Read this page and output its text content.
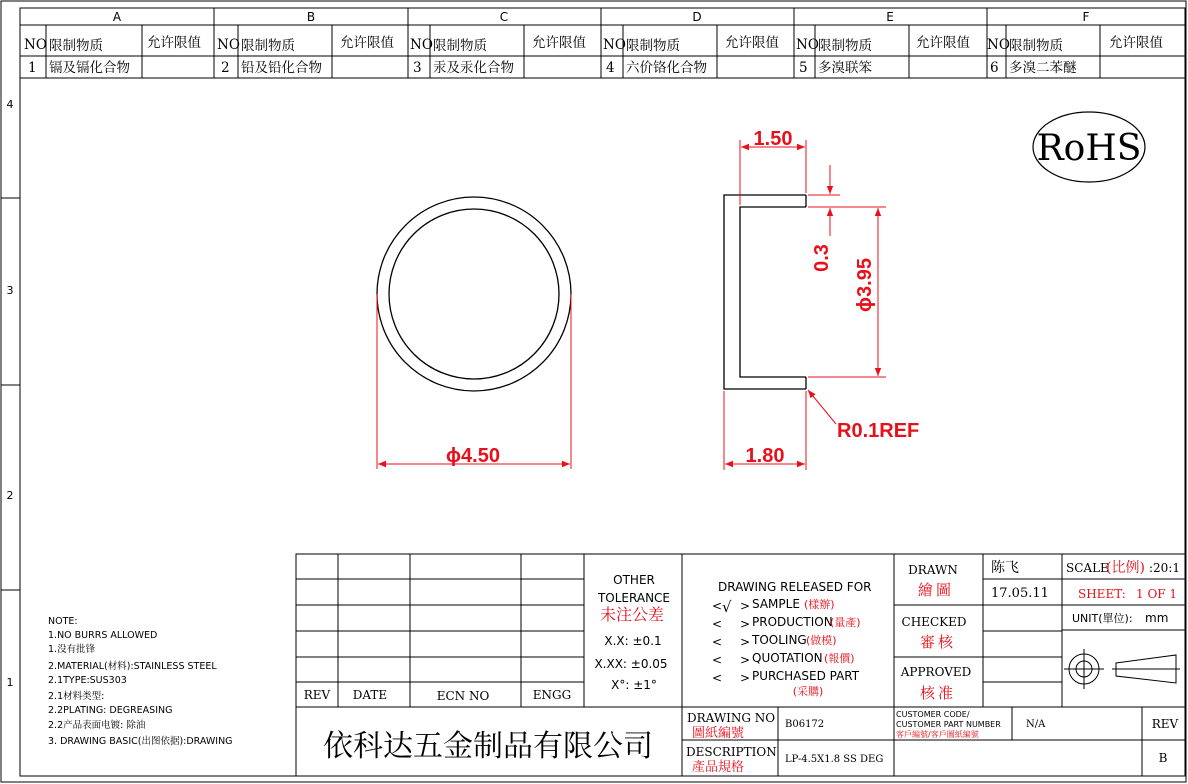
A	B	C	D	E	F
4
3
2
1
NO 限制物质	允许限值 NO 限制物质	允许限值 NO 限制物质	允许限值 NO 限制物质	允许限值 NO 限制物质	允许限值 NO 限制物质	允许限值
1 镉及镉化合物	2 铅及铅化合物	3 汞及汞化合物	4 六价铬化合物	5 多溴联笨	6 多溴二苯醚
RoHS
ϕ4.50
1.50
0.3
ϕ3.95
R0.1REF
1.80
NOTE:
1.NO BURRS ALLOWED
1.没有批锋
2.MATERIAL(材料):STAINLESS STEEL
2.1TYPE:SUS303
2.1材料类型:
2.2PLATING: DEGREASING
2.2产品表面电镀: 除油
3. DRAWING BASIC(出图依据):DRAWING
REV DATE	ECN NO	ENGG
OTHER
TOLERANCE
未注公差
X.X: ±0.1
X.XX: ±0.05
X°: ±1°
DRAWING RELEASED FOR
< √ > SAMPLE (樣辦)
< > PRODUCTION
(量產)
< > TOOLING (做模)
< > QUOTATION (報價)
< > PURCHASED PART
(采購)
DRAWN
繪圖
陈飞
17.05.11
CHECKED
審核
APPROVED
核准
SCALE
(比例) :20:1
SHEET: 1 OF 1
UNIT(單位): mm
依科达五金制品有限公司
DRAWING NO
圖紙編號
B06172
CUSTOMER CODE/
CUSTOMER PART NUMBER
客戶編號/客戶圖紙編號
N/A
DESCRIPTION
產品規格
LP-4.5X1.8 SS DEG
REV
B
